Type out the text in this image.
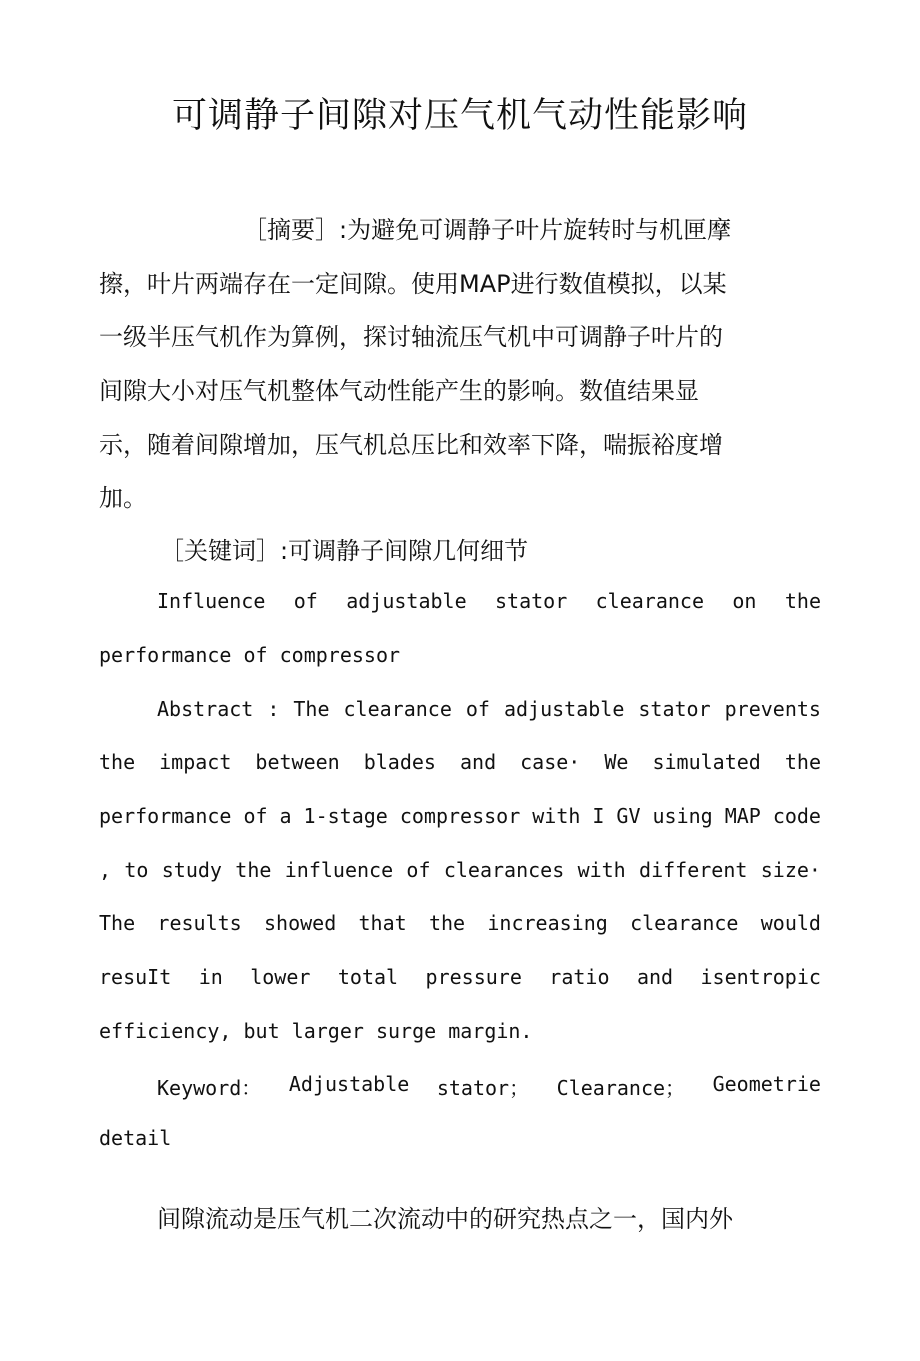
可调静子间隙对压气机气动性能影响
［摘要］:为避免可调静子叶片旋转时与机匣摩
擦，叶片两端存在一定间隙。使用MAP进行数值模拟，以某
一级半压气机作为算例，探讨轴流压气机中可调静子叶片的
间隙大小对压气机整体气动性能产生的影响。数值结果显
示，随着间隙增加，压气机总压比和效率下降，喘振裕度增
加。
［关键词］:可调静子间隙几何细节
Influence of adjustable stator clearance on the
performance of compressor
Abstract : The clearance of adjustable stator prevents
the impact between blades and case· We simulated the
performance of a 1-stage compressor with I GV using MAP code
, to study the influence of clearances with different size·
The results showed that the increasing clearance would
resuIt in lower total pressure ratio and isentropic
efficiency, but larger surge margin.
Keyword： Adjustable stator； Clearance； Geometrie
detail
间隙流动是压气机二次流动中的研究热点之一，国内外
